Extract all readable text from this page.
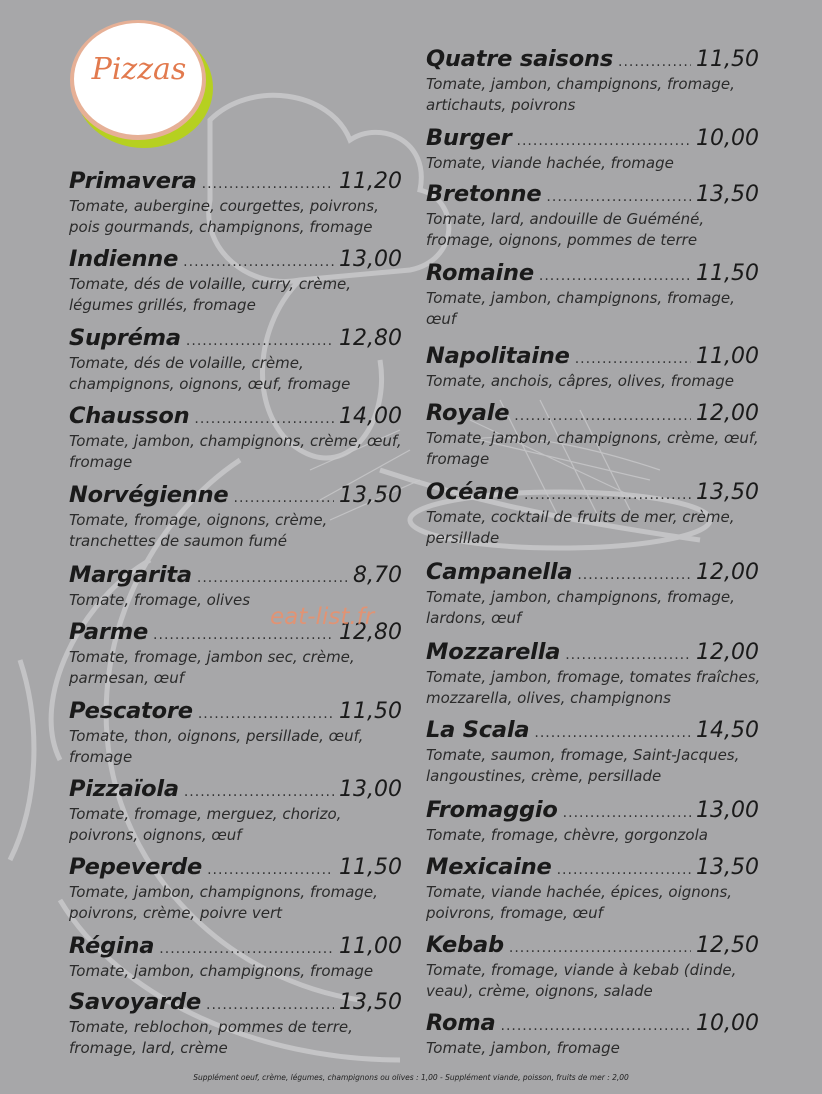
Pizzas
Primavera .....	11,20
Tomate, aubergine, courgettes, poivrons, pois gourmands, champignons, fromage
Indienne .....	13,00
Tomate, dés de volaille, curry, crème, légumes grillés, fromage
Supréma .....	12,80
Tomate, dés de volaille, crème, champignons, oignons, œuf, fromage
Chausson .....	14,00
Tomate, jambon, champignons, crème, œuf, fromage
Norvégienne .....	13,50
Tomate, fromage, oignons, crème, tranchettes de saumon fumé
Margarita .....	8,70
Tomate, fromage, olives
Parme .....	12,80
Tomate, fromage, jambon sec, crème, parmesan, œuf
Pescatore .....	11,50
Tomate, thon, oignons, persillade, œuf, fromage
Pizzaïola .....	13,00
Tomate, fromage, merguez, chorizo, poivrons, oignons, œuf
Pepeverde .....	11,50
Tomate, jambon, champignons, fromage, poivrons, crème, poivre vert
Régina .....	11,00
Tomate, jambon, champignons, fromage
Savoyarde .....	13,50
Tomate, reblochon, pommes de terre, fromage, lard, crème
Quatre saisons .....	11,50
Tomate, jambon, champignons, fromage, artichauts, poivrons
Burger .....	10,00
Tomate, viande hachée, fromage
Bretonne .....	13,50
Tomate, lard, andouille de Guéméné, fromage, oignons, pommes de terre
Romaine .....	11,50
Tomate, jambon, champignons, fromage, œuf
Napolitaine .....	11,00
Tomate, anchois, câpres, olives, fromage
Royale .....	12,00
Tomate, jambon, champignons, crème, œuf, fromage
Océane .....	13,50
Tomate, cocktail de fruits de mer, crème, persillade
Campanella .....	12,00
Tomate, jambon, champignons, fromage, lardons, œuf
Mozzarella .....	12,00
Tomate, jambon, fromage, tomates fraîches, mozzarella, olives, champignons
La Scala .....	14,50
Tomate, saumon, fromage, Saint-Jacques, langoustines, crème, persillade
Fromaggio .....	13,00
Tomate, fromage, chèvre, gorgonzola
Mexicaine .....	13,50
Tomate, viande hachée, épices, oignons, poivrons, fromage, œuf
Kebab .....	12,50
Tomate, fromage, viande à kebab (dinde, veau), crème, oignons, salade
Roma .....	10,00
Tomate, jambon, fromage
eat-list.fr
Supplément oeuf, crème, légumes, champignons ou olives : 1,00 - Supplément viande, poisson, fruits de mer : 2,00
